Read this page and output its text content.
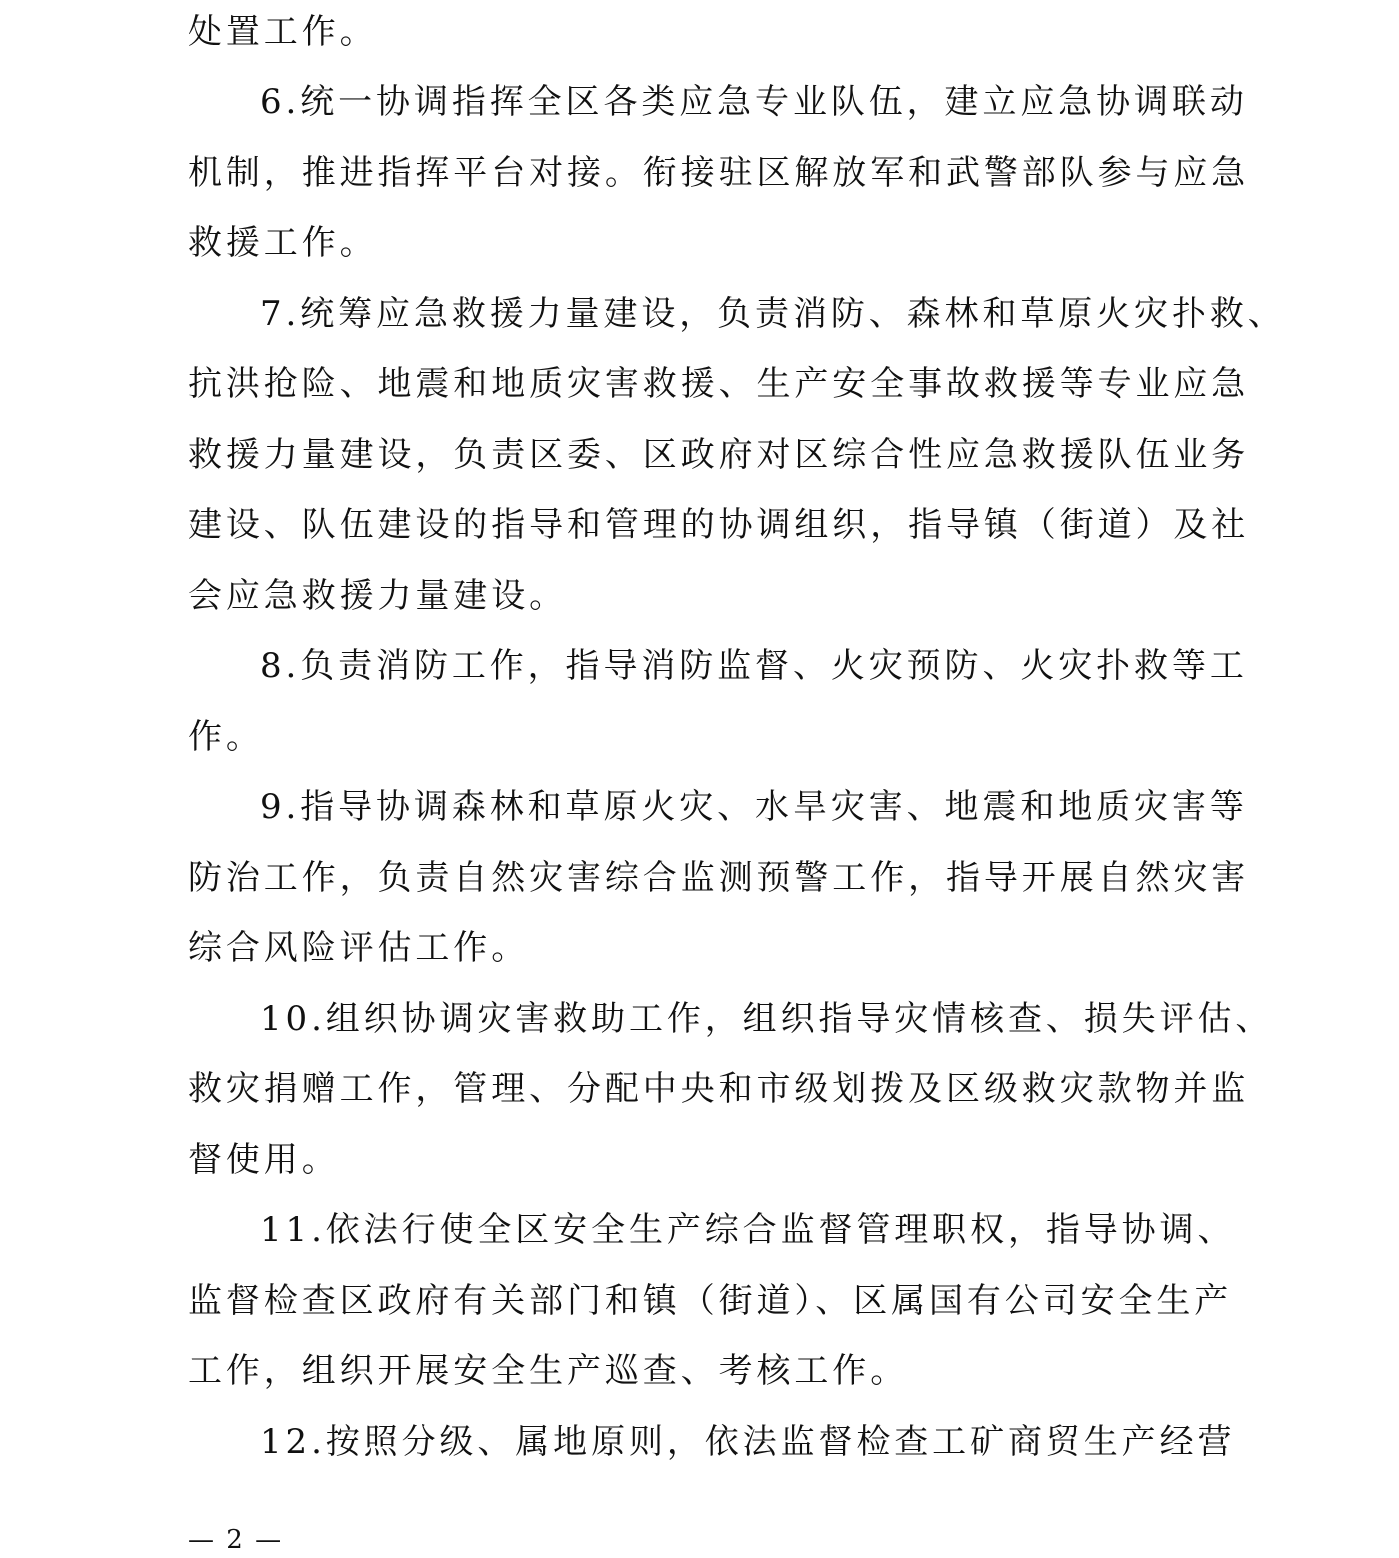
处置工作。

6.统一协调指挥全区各类应急专业队伍，建立应急协调联动

机制，推进指挥平台对接。衔接驻区解放军和武警部队参与应急

救援工作。

7.统筹应急救援力量建设，负责消防、森林和草原火灾扑救、

抗洪抢险、地震和地质灾害救援、生产安全事故救援等专业应急

救援力量建设，负责区委、区政府对区综合性应急救援队伍业务

建设、队伍建设的指导和管理的协调组织，指导镇（街道）及社

会应急救援力量建设。

8.负责消防工作，指导消防监督、火灾预防、火灾扑救等工

作。

9.指导协调森林和草原火灾、水旱灾害、地震和地质灾害等

防治工作，负责自然灾害综合监测预警工作，指导开展自然灾害

综合风险评估工作。

10.组织协调灾害救助工作，组织指导灾情核查、损失评估、

救灾捐赠工作，管理、分配中央和市级划拨及区级救灾款物并监

督使用。

11.依法行使全区安全生产综合监督管理职权，指导协调、

监督检查区政府有关部门和镇（街道）、区属国有公司安全生产

工作，组织开展安全生产巡查、考核工作。

12.按照分级、属地原则，依法监督检查工矿商贸生产经营

— 2 —
